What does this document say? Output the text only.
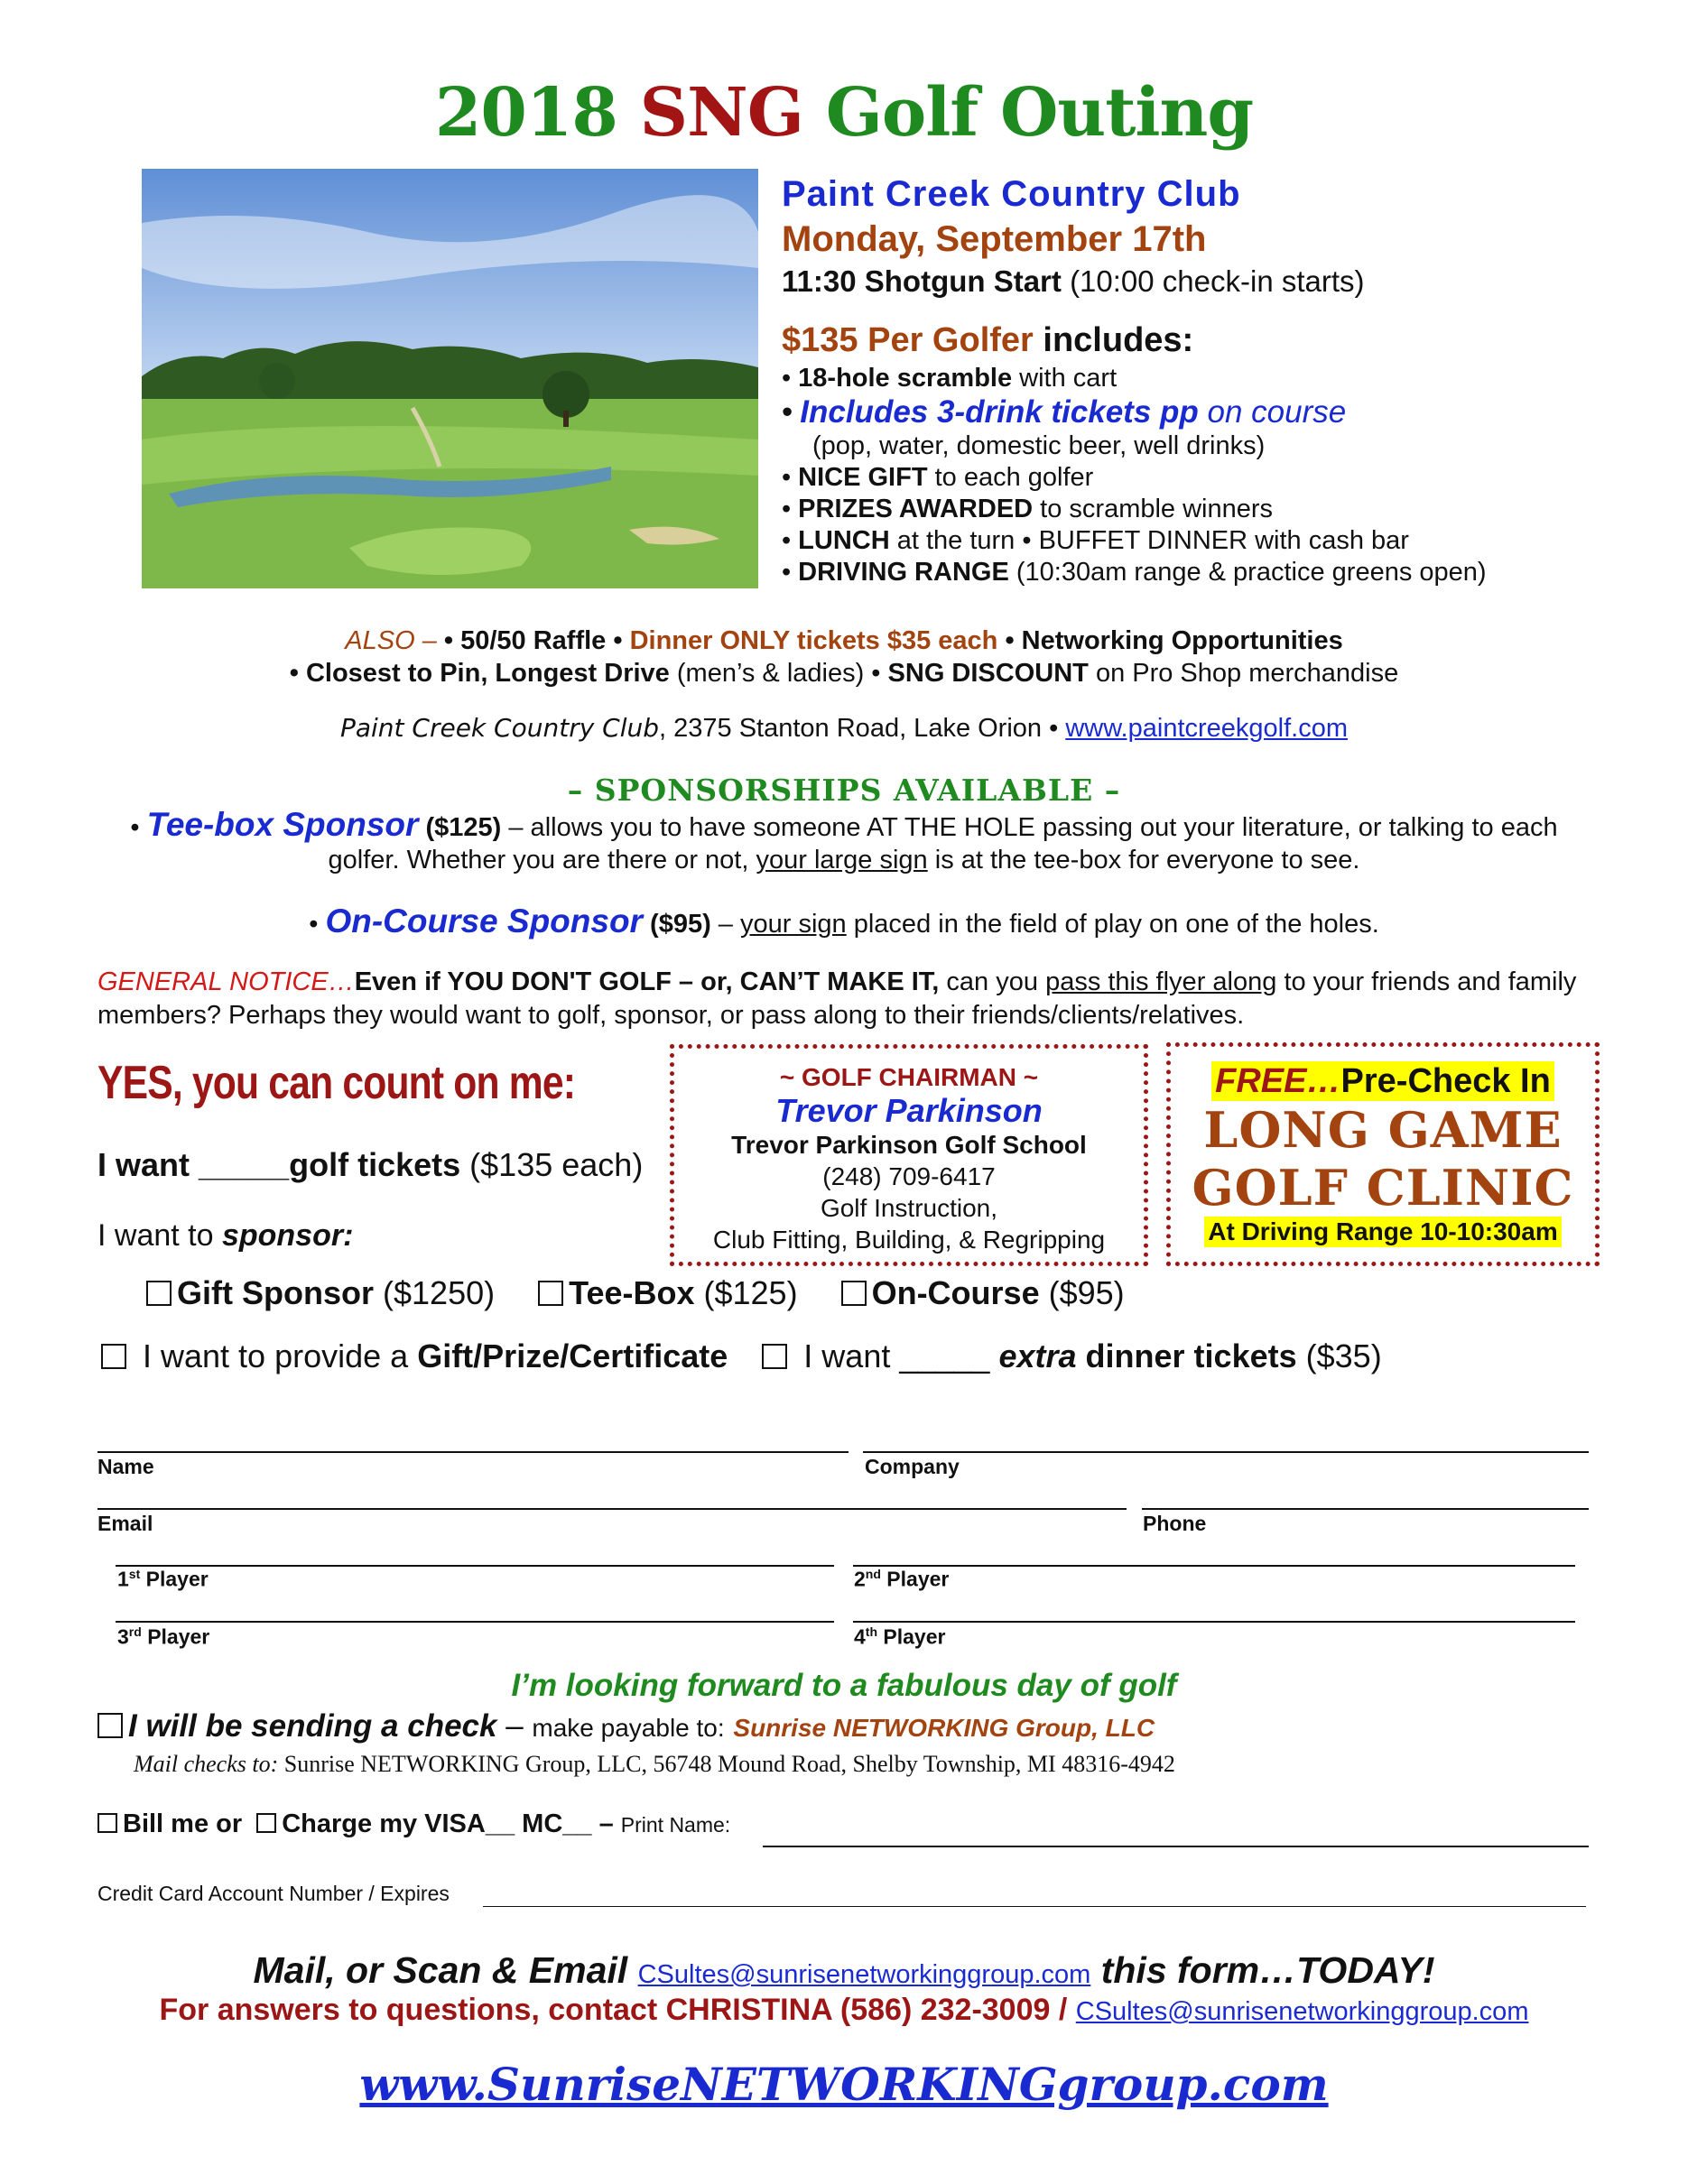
2018 SNG Golf Outing
Paint Creek Country Club
Monday, September 17th
11:30 Shotgun Start (10:00 check-in starts)
$135 Per Golfer includes:
• 18-hole scramble with cart
• Includes 3-drink tickets pp on course
(pop, water, domestic beer, well drinks)
• NICE GIFT to each golfer
• PRIZES AWARDED to scramble winners
• LUNCH at the turn • BUFFET DINNER with cash bar
• DRIVING RANGE (10:30am range & practice greens open)
ALSO – • 50/50 Raffle • Dinner ONLY tickets $35 each • Networking Opportunities
• Closest to Pin, Longest Drive (men’s & ladies) • SNG DISCOUNT on Pro Shop merchandise
Paint Creek Country Club, 2375 Stanton Road, Lake Orion • www.paintcreekgolf.com
– SPONSORSHIPS AVAILABLE –
• Tee-box Sponsor ($125) – allows you to have someone AT THE HOLE passing out your literature, or talking to each golfer. Whether you are there or not, your large sign is at the tee-box for everyone to see.
• On-Course Sponsor ($95) – your sign placed in the field of play on one of the holes.
GENERAL NOTICE…Even if YOU DON'T GOLF – or, CAN’T MAKE IT, can you pass this flyer along to your friends and family members? Perhaps they would want to golf, sponsor, or pass along to their friends/clients/relatives.
YES, you can count on me:
I want _____golf tickets ($135 each)
I want to sponsor:
~ GOLF CHAIRMAN ~
Trevor Parkinson
Trevor Parkinson Golf School
(248) 709-6417
Golf Instruction,
Club Fitting, Building, & Regripping
FREE…Pre-Check In
LONG GAME
GOLF CLINIC
At Driving Range 10-10:30am
Gift Sponsor ($1250) Tee-Box ($125) On-Course ($95)
I want to provide a Gift/Prize/Certificate I want _____ extra dinner tickets ($35)
Name	Company
Email	Phone
1st Player	2nd Player
3rd Player	4th Player
I’m looking forward to a fabulous day of golf
I will be sending a check – make payable to: Sunrise NETWORKING Group, LLC
Mail checks to: Sunrise NETWORKING Group, LLC, 56748 Mound Road, Shelby Township, MI 48316-4942
Bill me or Charge my VISA__ MC__ – Print Name:
Credit Card Account Number / Expires
Mail, or Scan & Email CSultes@sunrisenetworkinggroup.com this form…TODAY!
For answers to questions, contact CHRISTINA (586) 232-3009 / CSultes@sunrisenetworkinggroup.com
www.SunriseNETWORKINGgroup.com
